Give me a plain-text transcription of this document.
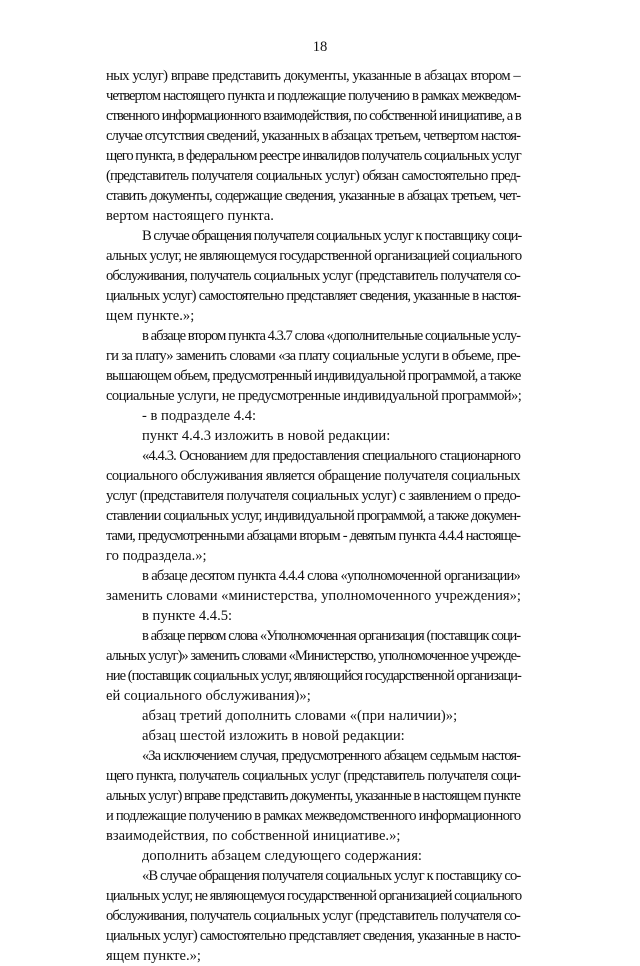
18
ных услуг) вправе представить документы, указанные в абзацах втором –
четвертом настоящего пункта и подлежащие получению в рамках межведом-
ственного информационного взаимодействия, по собственной инициативе, а в
случае отсутствия сведений, указанных в абзацах третьем, четвертом настоя-
щего пункта, в федеральном реестре инвалидов получатель социальных услуг
(представитель получателя социальных услуг) обязан самостоятельно пред-
ставить документы, содержащие сведения, указанные в абзацах третьем, чет-
вертом настоящего пункта.
В случае обращения получателя социальных услуг к поставщику соци-
альных услуг, не являющемуся государственной организацией социального
обслуживания, получатель социальных услуг (представитель получателя со-
циальных услуг) самостоятельно представляет сведения, указанные в настоя-
щем пункте.»;
в абзаце втором пункта 4.3.7 слова «дополнительные социальные услу-
ги за плату» заменить словами «за плату социальные услуги в объеме, пре-
вышающем объем, предусмотренный индивидуальной программой, а также
социальные услуги, не предусмотренные индивидуальной программой»;
- в подразделе 4.4:
пункт 4.4.3 изложить в новой редакции:
«4.4.3. Основанием для предоставления специального стационарного
социального обслуживания является обращение получателя социальных
услуг (представителя получателя социальных услуг) с заявлением о предо-
ставлении социальных услуг, индивидуальной программой, а также докумен-
тами, предусмотренными абзацами вторым - девятым пункта 4.4.4 настояще-
го подраздела.»;
в абзаце десятом пункта 4.4.4 слова «уполномоченной организации»
заменить словами «министерства, уполномоченного учреждения»;
в пункте 4.4.5:
в абзаце первом слова «Уполномоченная организация (поставщик соци-
альных услуг)» заменить словами «Министерство, уполномоченное учрежде-
ние (поставщик социальных услуг, являющийся государственной организаци-
ей социального обслуживания)»;
абзац третий дополнить словами «(при наличии)»;
абзац шестой изложить в новой редакции:
«За исключением случая, предусмотренного абзацем седьмым настоя-
щего пункта, получатель социальных услуг (представитель получателя соци-
альных услуг) вправе представить документы, указанные в настоящем пункте
и подлежащие получению в рамках межведомственного информационного
взаимодействия, по собственной инициативе.»;
дополнить абзацем следующего содержания:
«В случае обращения получателя социальных услуг к поставщику со-
циальных услуг, не являющемуся государственной организацией социального
обслуживания, получатель социальных услуг (представитель получателя со-
циальных услуг) самостоятельно представляет сведения, указанные в насто-
ящем пункте.»;
